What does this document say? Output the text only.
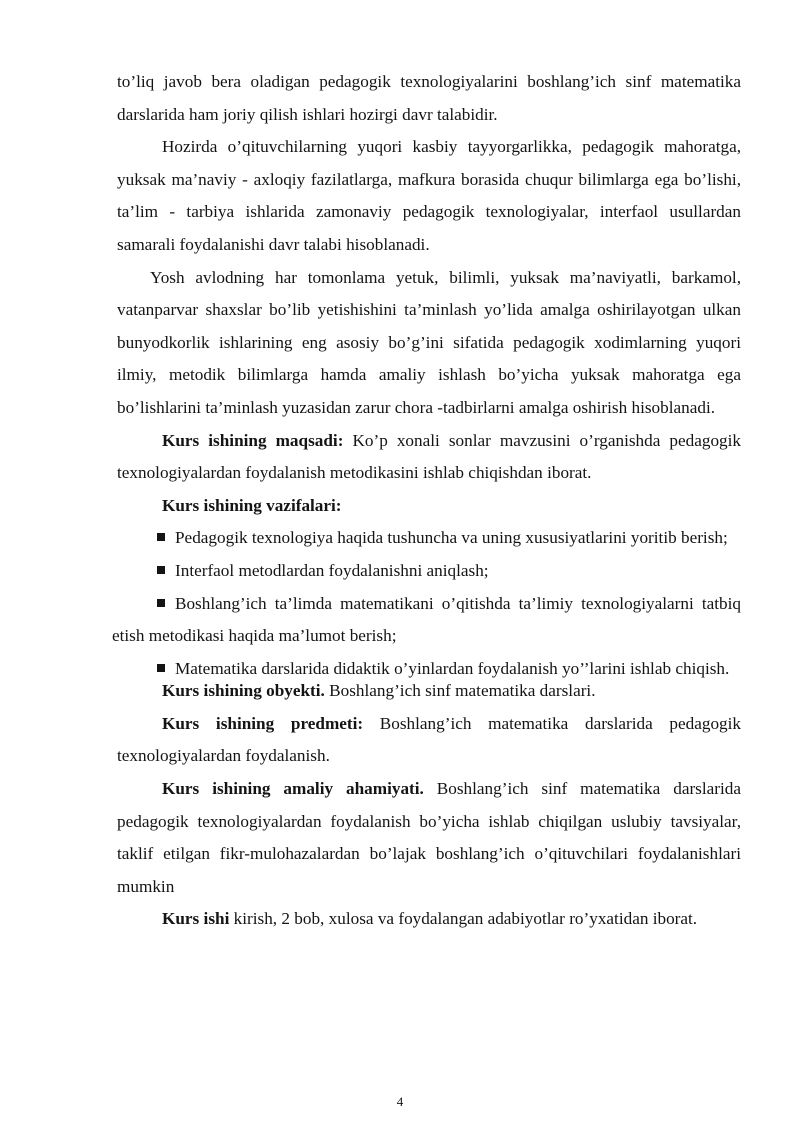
to’liq javob bera oladigan pedagogik texnologiyalarini boshlang’ich sinf matematika darslarida ham joriy qilish ishlari hozirgi davr talabidir.

Hozirda o’qituvchilarning yuqori kasbiy tayyorgarlikka, pedagogik mahoratga, yuksak ma’naviy - axloqiy fazilatlarga, mafkura borasida chuqur bilimlarga ega bo’lishi, ta’lim - tarbiya ishlarida zamonaviy pedagogik texnologiyalar, interfaol usullardan samarali foydalanishi davr talabi hisoblanadi.

Yosh avlodning har tomonlama yetuk, bilimli, yuksak ma’naviyatli, barkamol, vatanparvar shaxslar bo’lib yetishishini ta’minlash yo’lida amalga oshirilayotgan ulkan bunyodkorlik ishlarining eng asosiy bo’g’ini sifatida pedagogik xodimlarning yuqori ilmiy, metodik bilimlarga hamda amaliy ishlash bo’yicha yuksak mahoratga ega bo’lishlarini ta’minlash yuzasidan zarur chora -tadbirlarni amalga oshirish hisoblanadi.

Kurs ishining maqsadi: Ko’p xonali sonlar mavzusini o’rganishda pedagogik texnologiyalardan foydalanish metodikasini ishlab chiqishdan iborat.

Kurs ishining vazifalari:

Pedagogik texnologiya haqida tushuncha va uning xususiyatlarini yoritib berish;
Interfaol metodlardan foydalanishni aniqlash;
Boshlang’ich ta’limda matematikani o’qitishda ta’limiy texnologiyalarni tatbiq etish metodikasi haqida ma’lumot berish;
Matematika darslarida didaktik o’yinlardan foydalanish yo’’larini ishlab chiqish.

Kurs ishining obyekti. Boshlang’ich sinf matematika darslari.

Kurs ishining predmeti: Boshlang’ich matematika darslarida pedagogik texnologiyalardan foydalanish.

Kurs ishining amaliy ahamiyati. Boshlang’ich sinf matematika darslarida pedagogik texnologiyalardan foydalanish bo’yicha ishlab chiqilgan uslubiy tavsiyalar, taklif etilgan fikr-mulohazalardan bo’lajak boshlang’ich o’qituvchilari foydalanishlari mumkin

Kurs ishi kirish, 2 bob, xulosa va foydalangan adabiyotlar ro’yxatidan iborat.

4
